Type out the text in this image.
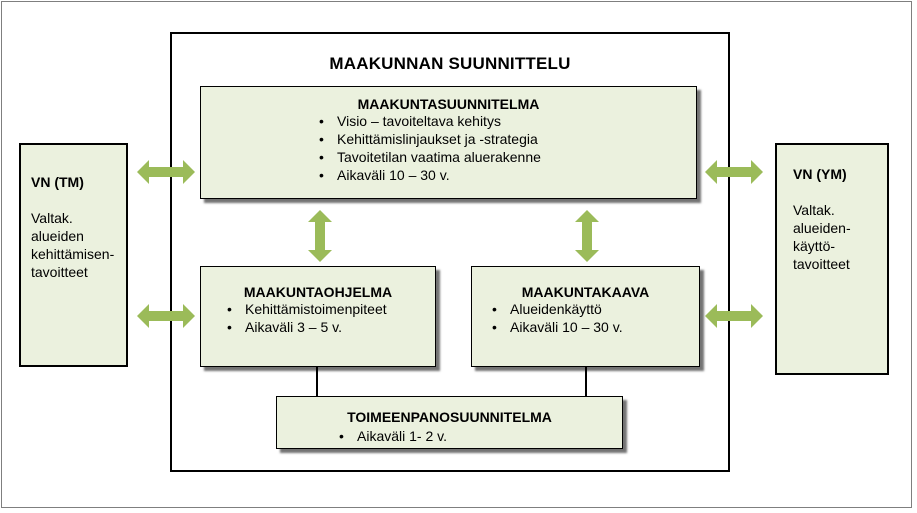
MAAKUNNAN SUUNNITTELU
MAAKUNTASUUNNITELMA
• Visio – tavoiteltava kehitys
• Kehittämislinjaukset ja -strategia
• Tavoitetilan vaatima aluerakenne
• Aikaväli 10 – 30 v.
MAAKUNTAOHJELMA
• Kehittämistoimenpiteet
• Aikaväli 3 – 5 v.
MAAKUNTAKAAVA
• Alueidenkäyttö
• Aikaväli 10 – 30 v.
TOIMEENPANOSUUNNITELMA
• Aikaväli 1- 2 v.
VN (TM)
Valtak.
alueiden
kehittämisen-
tavoitteet
VN (YM)
Valtak.
alueiden-
käyttö-
tavoitteet
